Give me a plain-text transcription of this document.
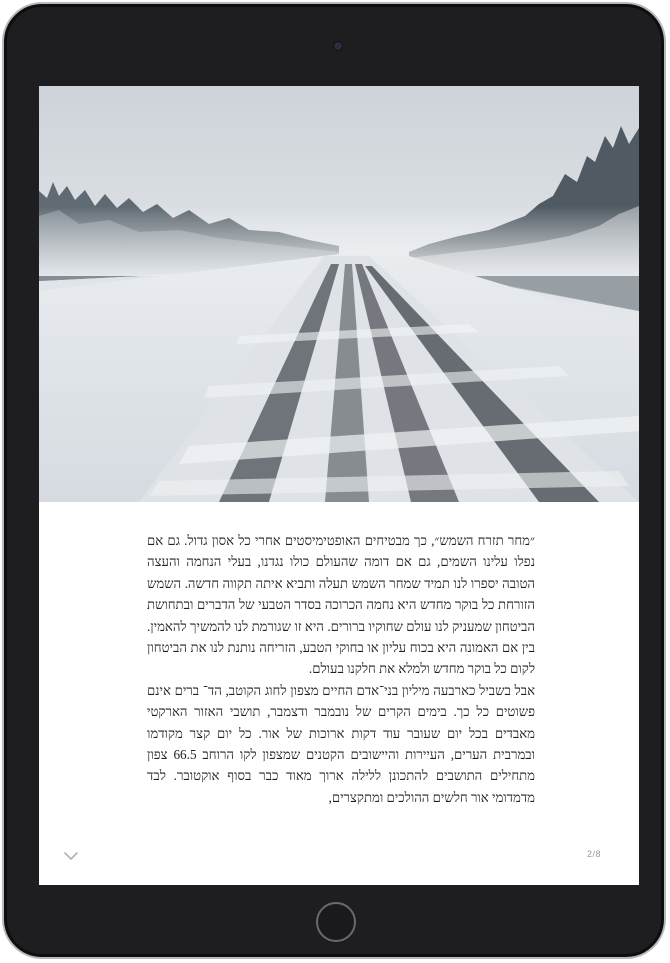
״מחר תזרח השמש״, כך מבטיחים האופטימיסטים אחרי כל אסון גדול. גם אם נפלו עלינו השמים, גם אם דומה שהעולם כולו נגדנו, בעלי הנחמה והעצה הטובה יספרו לנו תמיד שמחר השמש תעלה ותביא איתה תקווה חדשה. השמש הזורחת כל בוקר מחדש היא נחמה הכרוכה בסדר הטבעי של הדברים ובתחושת הביטחון שמעניק לנו עולם שחוקיו ברורים. היא זו שגורמת לנו להמשיך להאמין. בין אם האמונה היא בכוח עליון או בחוקי הטבע, הזריחה נותנת לנו את הביטחון לקום כל בוקר מחדש ולמלא את חלקנו בעולם.

אבל בשביל כארבעה מיליון בני־אדם החיים מצפון לחוג הקוטב, הד־ ברים אינם פשוטים כל כך. בימים הקרים של נובמבר ודצמבר, תושבי האזור הארקטי מאבדים בכל יום שעובר עוד דקות ארוכות של אור. כל יום קצר מקודמו ובמרבית הערים, העיירות והיישובים הקטנים שמצפון לקו הרוחב 66.5 צפון מתחילים התושבים להתכונן ללילה ארוך מאוד כבר בסוף אוקטובר. לבד מדמדומי אור חלשים ההולכים ומתקצרים,

2/8
